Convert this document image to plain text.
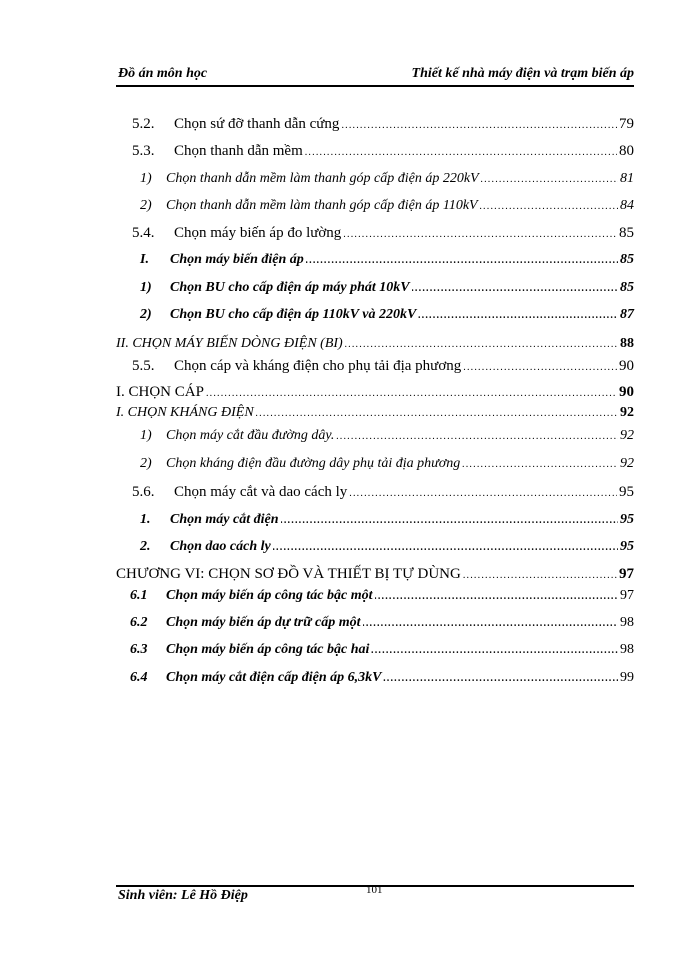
Đồ án môn học	Thiết kế nhà máy điện và trạm biến áp
5.2.	Chọn sứ đỡ thanh dẫn cứng .....	79
5.3.	Chọn thanh dẫn mềm .....	80
1)	Chọn thanh dẫn mềm làm thanh góp cấp điện áp 220kV .....	81
2)	Chọn thanh dẫn mềm làm thanh góp cấp điện áp 110kV .....	84
5.4.	Chọn máy biến áp đo lường .....	85
I.	Chọn máy biến điện áp .....	85
1)	Chọn BU cho cấp điện áp máy phát 10kV .....	85
2)	Chọn BU cho cấp điện áp 110kV và 220kV .....	87
II. CHỌN MÁY BIẾN DÒNG ĐIỆN (BI) .....	88
5.5.	Chọn cáp và kháng điện cho phụ tải địa phương .....	90
I. CHỌN CÁP .....	90
I. CHỌN KHÁNG ĐIỆN .....	92
1)	Chọn máy cắt đầu đường dây. .....	92
2)	Chọn kháng điện đầu đường dây phụ tải địa phương .....	92
5.6.	Chọn máy cắt và dao cách ly .....	95
1.	Chọn máy cắt điện .....	95
2.	Chọn dao cách ly .....	95
CHƯƠNG VI: CHỌN SƠ ĐỒ VÀ THIẾT BỊ TỰ DÙNG .....	97
6.1	Chọn máy biến áp công tác bậc một .....	97
6.2	Chọn máy biến áp dự trữ cấp một .....	98
6.3	Chọn máy biến áp công tác bậc hai .....	98
6.4	Chọn máy cắt điện cấp điện áp 6,3kV .....	99
Sinh viên: Lê Hồ Điệp	101
